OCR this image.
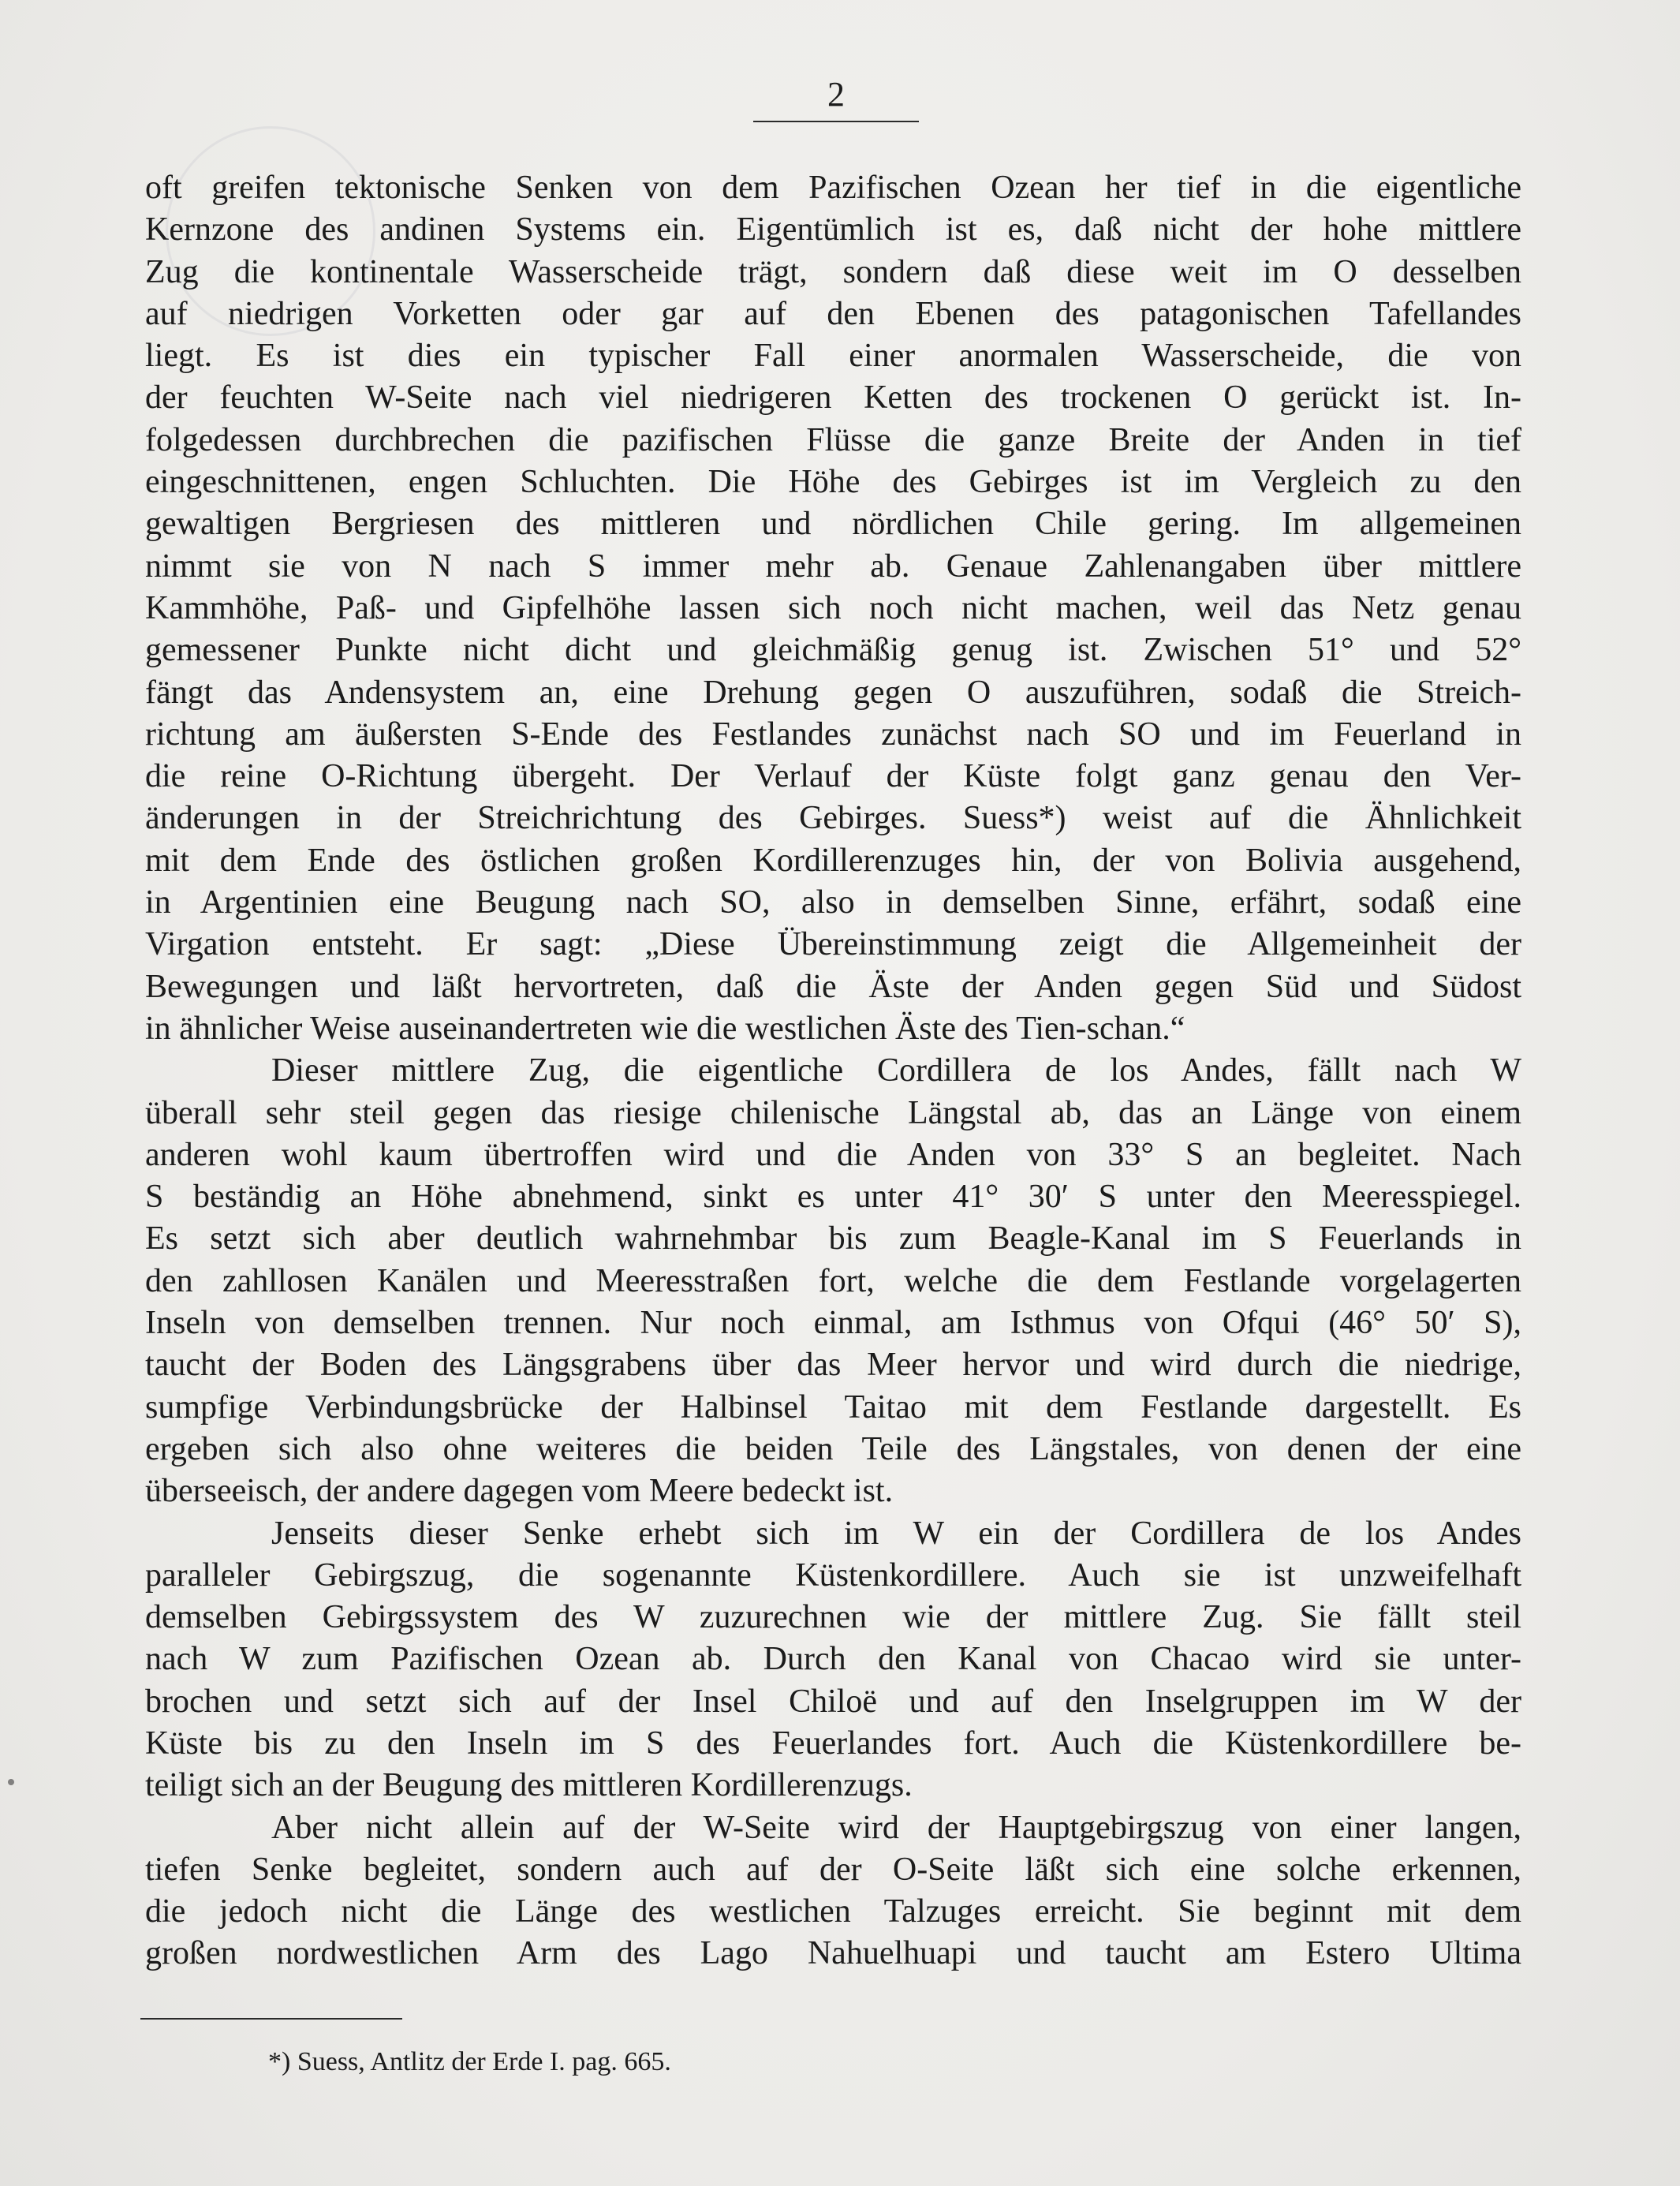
2
oft greifen tektonische Senken von dem Pazifischen Ozean her tief in die eigentliche
Kernzone des andinen Systems ein. Eigentümlich ist es, daß nicht der hohe mittlere
Zug die kontinentale Wasserscheide trägt, sondern daß diese weit im O desselben
auf niedrigen Vorketten oder gar auf den Ebenen des patagonischen Tafellandes
liegt. Es ist dies ein typischer Fall einer anormalen Wasserscheide, die von
der feuchten W-Seite nach viel niedrigeren Ketten des trockenen O gerückt ist. In-
folgedessen durchbrechen die pazifischen Flüsse die ganze Breite der Anden in tief
eingeschnittenen, engen Schluchten. Die Höhe des Gebirges ist im Vergleich zu den
gewaltigen Bergriesen des mittleren und nördlichen Chile gering. Im allgemeinen
nimmt sie von N nach S immer mehr ab. Genaue Zahlenangaben über mittlere
Kammhöhe, Paß- und Gipfelhöhe lassen sich noch nicht machen, weil das Netz genau
gemessener Punkte nicht dicht und gleichmäßig genug ist. Zwischen 51° und 52°
fängt das Andensystem an, eine Drehung gegen O auszuführen, sodaß die Streich-
richtung am äußersten S-Ende des Festlandes zunächst nach SO und im Feuerland in
die reine O-Richtung übergeht. Der Verlauf der Küste folgt ganz genau den Ver-
änderungen in der Streichrichtung des Gebirges. Suess*) weist auf die Ähnlichkeit
mit dem Ende des östlichen großen Kordillerenzuges hin, der von Bolivia ausgehend,
in Argentinien eine Beugung nach SO, also in demselben Sinne, erfährt, sodaß eine
Virgation entsteht. Er sagt: „Diese Übereinstimmung zeigt die Allgemeinheit der
Bewegungen und läßt hervortreten, daß die Äste der Anden gegen Süd und Südost
in ähnlicher Weise auseinandertreten wie die westlichen Äste des Tien-schan.“
Dieser mittlere Zug, die eigentliche Cordillera de los Andes, fällt nach W
überall sehr steil gegen das riesige chilenische Längstal ab, das an Länge von einem
anderen wohl kaum übertroffen wird und die Anden von 33° S an begleitet. Nach
S beständig an Höhe abnehmend, sinkt es unter 41° 30′ S unter den Meeresspiegel.
Es setzt sich aber deutlich wahrnehmbar bis zum Beagle-Kanal im S Feuerlands in
den zahllosen Kanälen und Meeresstraßen fort, welche die dem Festlande vorgelagerten
Inseln von demselben trennen. Nur noch einmal, am Isthmus von Ofqui (46° 50′ S),
taucht der Boden des Längsgrabens über das Meer hervor und wird durch die niedrige,
sumpfige Verbindungsbrücke der Halbinsel Taitao mit dem Festlande dargestellt. Es
ergeben sich also ohne weiteres die beiden Teile des Längstales, von denen der eine
überseeisch, der andere dagegen vom Meere bedeckt ist.
Jenseits dieser Senke erhebt sich im W ein der Cordillera de los Andes
paralleler Gebirgszug, die sogenannte Küstenkordillere. Auch sie ist unzweifelhaft
demselben Gebirgssystem des W zuzurechnen wie der mittlere Zug. Sie fällt steil
nach W zum Pazifischen Ozean ab. Durch den Kanal von Chacao wird sie unter-
brochen und setzt sich auf der Insel Chiloë und auf den Inselgruppen im W der
Küste bis zu den Inseln im S des Feuerlandes fort. Auch die Küstenkordillere be-
teiligt sich an der Beugung des mittleren Kordillerenzugs.
Aber nicht allein auf der W-Seite wird der Hauptgebirgszug von einer langen,
tiefen Senke begleitet, sondern auch auf der O-Seite läßt sich eine solche erkennen,
die jedoch nicht die Länge des westlichen Talzuges erreicht. Sie beginnt mit dem
großen nordwestlichen Arm des Lago Nahuelhuapi und taucht am Estero Ultima
*) Suess, Antlitz der Erde I. pag. 665.
